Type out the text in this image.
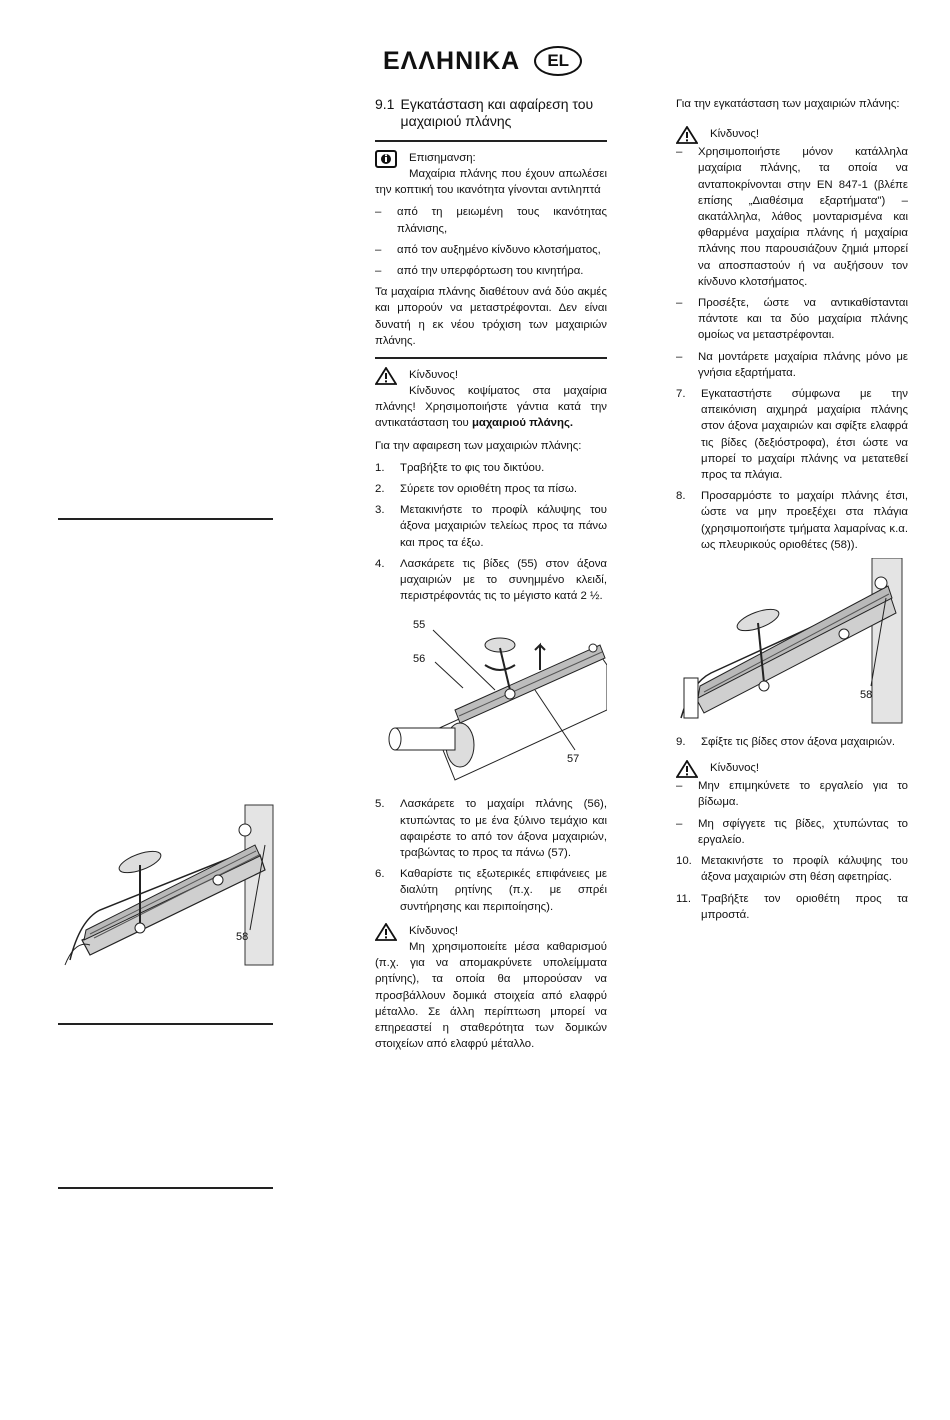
ΕΛΛΗΝΙΚΑ	EL
58
9.1 Εγκατάσταση και αφαίρεση του μαχαιριού πλάνης
Επισημανση:

Μαχαίρια πλάνης που έχουν απωλέσει την κοπτική του ικανότητα γίνονται αντιληπτά

–	από τη μειωμένη τους ικανότητας πλάνισης,
–	από τον αυξημένο κίνδυνο κλοτσήματος,
–	από την υπερφόρτωση του κινητήρα.

Τα μαχαίρια πλάνης διαθέτουν ανά δύο ακμές και μπορούν να μεταστρέφονται. Δεν είναι δυνατή η εκ νέου τρόχιση των μαχαιριών πλάνης.

Κίνδυνος!

Κίνδυνος κοψίματος στα μαχαίρια πλάνης! Χρησιμοποιήστε γάντια κατά την αντικατάσταση του μαχαιριού πλάνης.

Για την αφαιρεση των μαχαιριών πλάνης:

1.	Τραβήξτε το φις του δικτύου.
2.	Σύρετε τον οριοθέτη προς τα πίσω.
3.	Μετακινήστε το προφίλ κάλυψης του άξονα μαχαιριών τελείως προς τα πάνω και προς τα έξω.
4.	Λασκάρετε τις βίδες (55) στον άξονα μαχαιριών με το συνημμένο κλειδί, περιστρέφοντάς τις το μέγιστο κατά 2 ½.
55
56
57
5.	Λασκάρετε το μαχαίρι πλάνης (56), κτυπώντας το με ένα ξύλινο τεμάχιο και αφαιρέστε το από τον άξονα μαχαιριών, τραβώντας το προς τα πάνω (57).
6.	Καθαρίστε τις εξωτερικές επιφάνειες με διαλύτη ρητίνης (π.χ. με σπρέι συντήρησης και περιποίησης).
Κίνδυνος!

Μη χρησιμοποιείτε μέσα καθαρισμού (π.χ. για να απομακρύνετε υπολείμματα ρητίνης), τα οποία θα μπορούσαν να προσβάλλουν δομικά στοιχεία από ελαφρύ μέταλλο. Σε άλλη περίπτωση μπορεί να επηρεαστεί η σταθερότητα των δομικών στοιχείων από ελαφρύ μέταλλο.

Για την εγκατάσταση των μαχαιριών πλάνης:

Κίνδυνος!
–	Χρησιμοποιήστε μόνον κατάλληλα μαχαίρια πλάνης, τα οποία να ανταποκρίνονται στην EN 847-1 (βλέπε επίσης „Διαθέσιμα εξαρτήματα") – ακατάλληλα, λάθος μονταρισμένα και φθαρμένα μαχαίρια πλάνης ή μαχαίρια πλάνης που παρουσιάζουν ζημιά μπορεί να αποσπαστούν ή να αυξήσουν τον κίνδυνο κλοτσήματος.
–	Προσέξτε, ώστε να αντικαθίστανται πάντοτε και τα δύο μαχαίρια πλάνης ομοίως να μεταστρέφονται.
–	Να μοντάρετε μαχαίρια πλάνης μόνο με γνήσια εξαρτήματα.
7.	Εγκαταστήστε σύμφωνα με την απεικόνιση αιχμηρά μαχαίρια πλάνης στον άξονα μαχαιριών και σφίξτε ελαφρά τις βίδες (δεξιόστροφα), έτσι ώστε να μπορεί το μαχαίρι πλάνης να μετατεθεί προς τα πλάγια.
8.	Προσαρμόστε το μαχαίρι πλάνης έτσι, ώστε να μην προεξέχει στα πλάγια (χρησιμοποιήστε τμήματα λαμαρίνας κ.α. ως πλευρικούς οριοθέτες (58)).
58
9.	Σφίξτε τις βίδες στον άξονα μαχαιριών.
Κίνδυνος!
–	Μην επιμηκύνετε το εργαλείο για το βίδωμα.
–	Μη σφίγγετε τις βίδες, χτυπώντας το εργαλείο.
10. Μετακινήστε το προφίλ κάλυψης του άξονα μαχαιριών στη θέση αφετηρίας.
11. Τραβήξτε τον οριοθέτη προς τα μπροστά.
